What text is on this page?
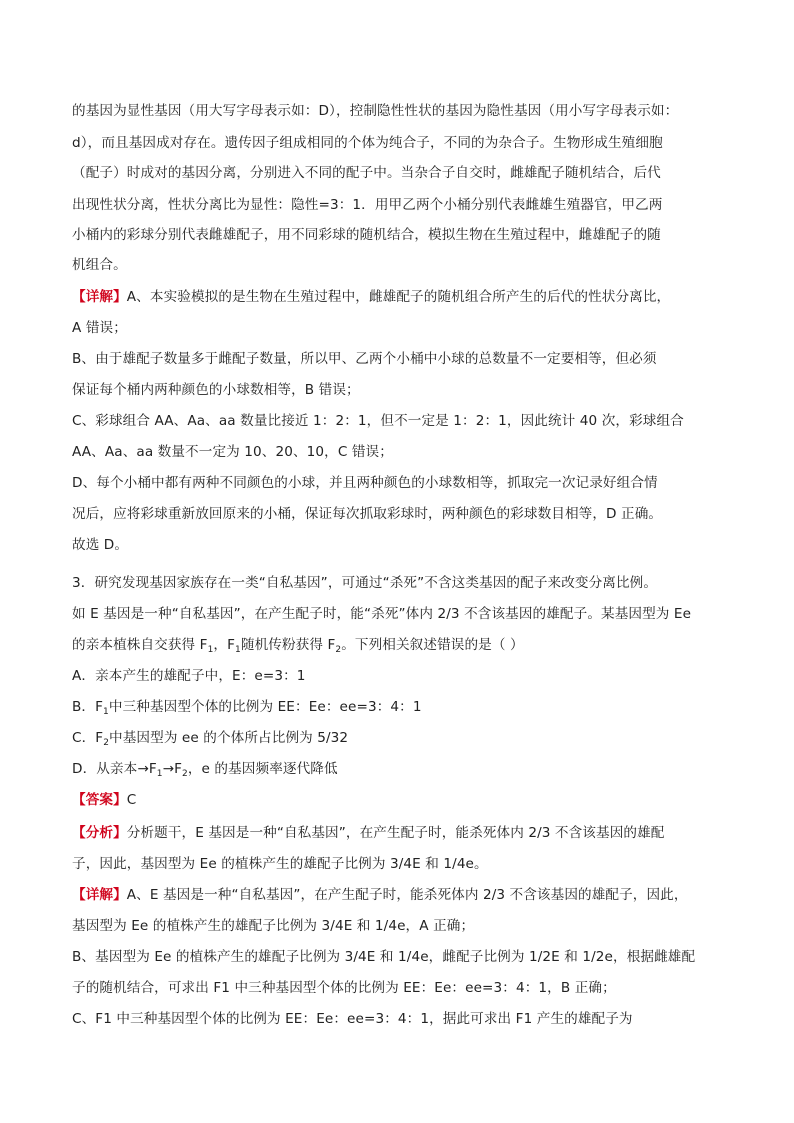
的基因为显性基因（用大写字母表示如：D），控制隐性性状的基因为隐性基因（用小写字母表示如：
d），而且基因成对存在。遗传因子组成相同的个体为纯合子，不同的为杂合子。生物形成生殖细胞
（配子）时成对的基因分离，分别进入不同的配子中。当杂合子自交时，雌雄配子随机结合，后代
出现性状分离，性状分离比为显性：隐性=3：1．用甲乙两个小桶分别代表雌雄生殖器官，甲乙两
小桶内的彩球分别代表雌雄配子，用不同彩球的随机结合，模拟生物在生殖过程中，雌雄配子的随
机组合。
【详解】A、本实验模拟的是生物在生殖过程中，雌雄配子的随机组合所产生的后代的性状分离比，
A 错误；
B、由于雄配子数量多于雌配子数量，所以甲、乙两个小桶中小球的总数量不一定要相等，但必须
保证每个桶内两种颜色的小球数相等，B 错误；
C、彩球组合 AA、Aa、aa 数量比接近 1：2：1，但不一定是 1：2：1，因此统计 40 次，彩球组合
AA、Aa、aa 数量不一定为 10、20、10，C 错误；
D、每个小桶中都有两种不同颜色的小球，并且两种颜色的小球数相等，抓取完一次记录好组合情
况后，应将彩球重新放回原来的小桶，保证每次抓取彩球时，两种颜色的彩球数目相等，D 正确。
故选 D。
3．研究发现基因家族存在一类“自私基因”，可通过“杀死”不含这类基因的配子来改变分离比例。
如 E 基因是一种“自私基因”，在产生配子时，能“杀死”体内 2/3 不含该基因的雄配子。某基因型为 Ee
的亲本植株自交获得 $F_1$，$F_1$随机传粉获得 $F_2$。下列相关叙述错误的是（ ）
A．亲本产生的雄配子中，E：e=3：1
B．$F_1$中三种基因型个体的比例为 EE：Ee：ee=3：4：1
C．$F_2$中基因型为 ee 的个体所占比例为 5/32
D．从亲本$\to F_1\to F_2$，e 的基因频率逐代降低
【答案】C
【分析】分析题干，E 基因是一种“自私基因”，在产生配子时，能杀死体内 2/3 不含该基因的雄配
子，因此，基因型为 Ee 的植株产生的雄配子比例为 3/4E 和 1/4e。
【详解】A、E 基因是一种“自私基因”，在产生配子时，能杀死体内 2/3 不含该基因的雄配子，因此，
基因型为 Ee 的植株产生的雄配子比例为 3/4E 和 1/4e，A 正确；
B、基因型为 Ee 的植株产生的雄配子比例为 3/4E 和 1/4e，雌配子比例为 1/2E 和 1/2e，根据雌雄配
子的随机结合，可求出 F1 中三种基因型个体的比例为 EE：Ee：ee=3：4：1，B 正确；
C、F1 中三种基因型个体的比例为 EE：Ee：ee=3：4：1，据此可求出 F1 产生的雄配子为
